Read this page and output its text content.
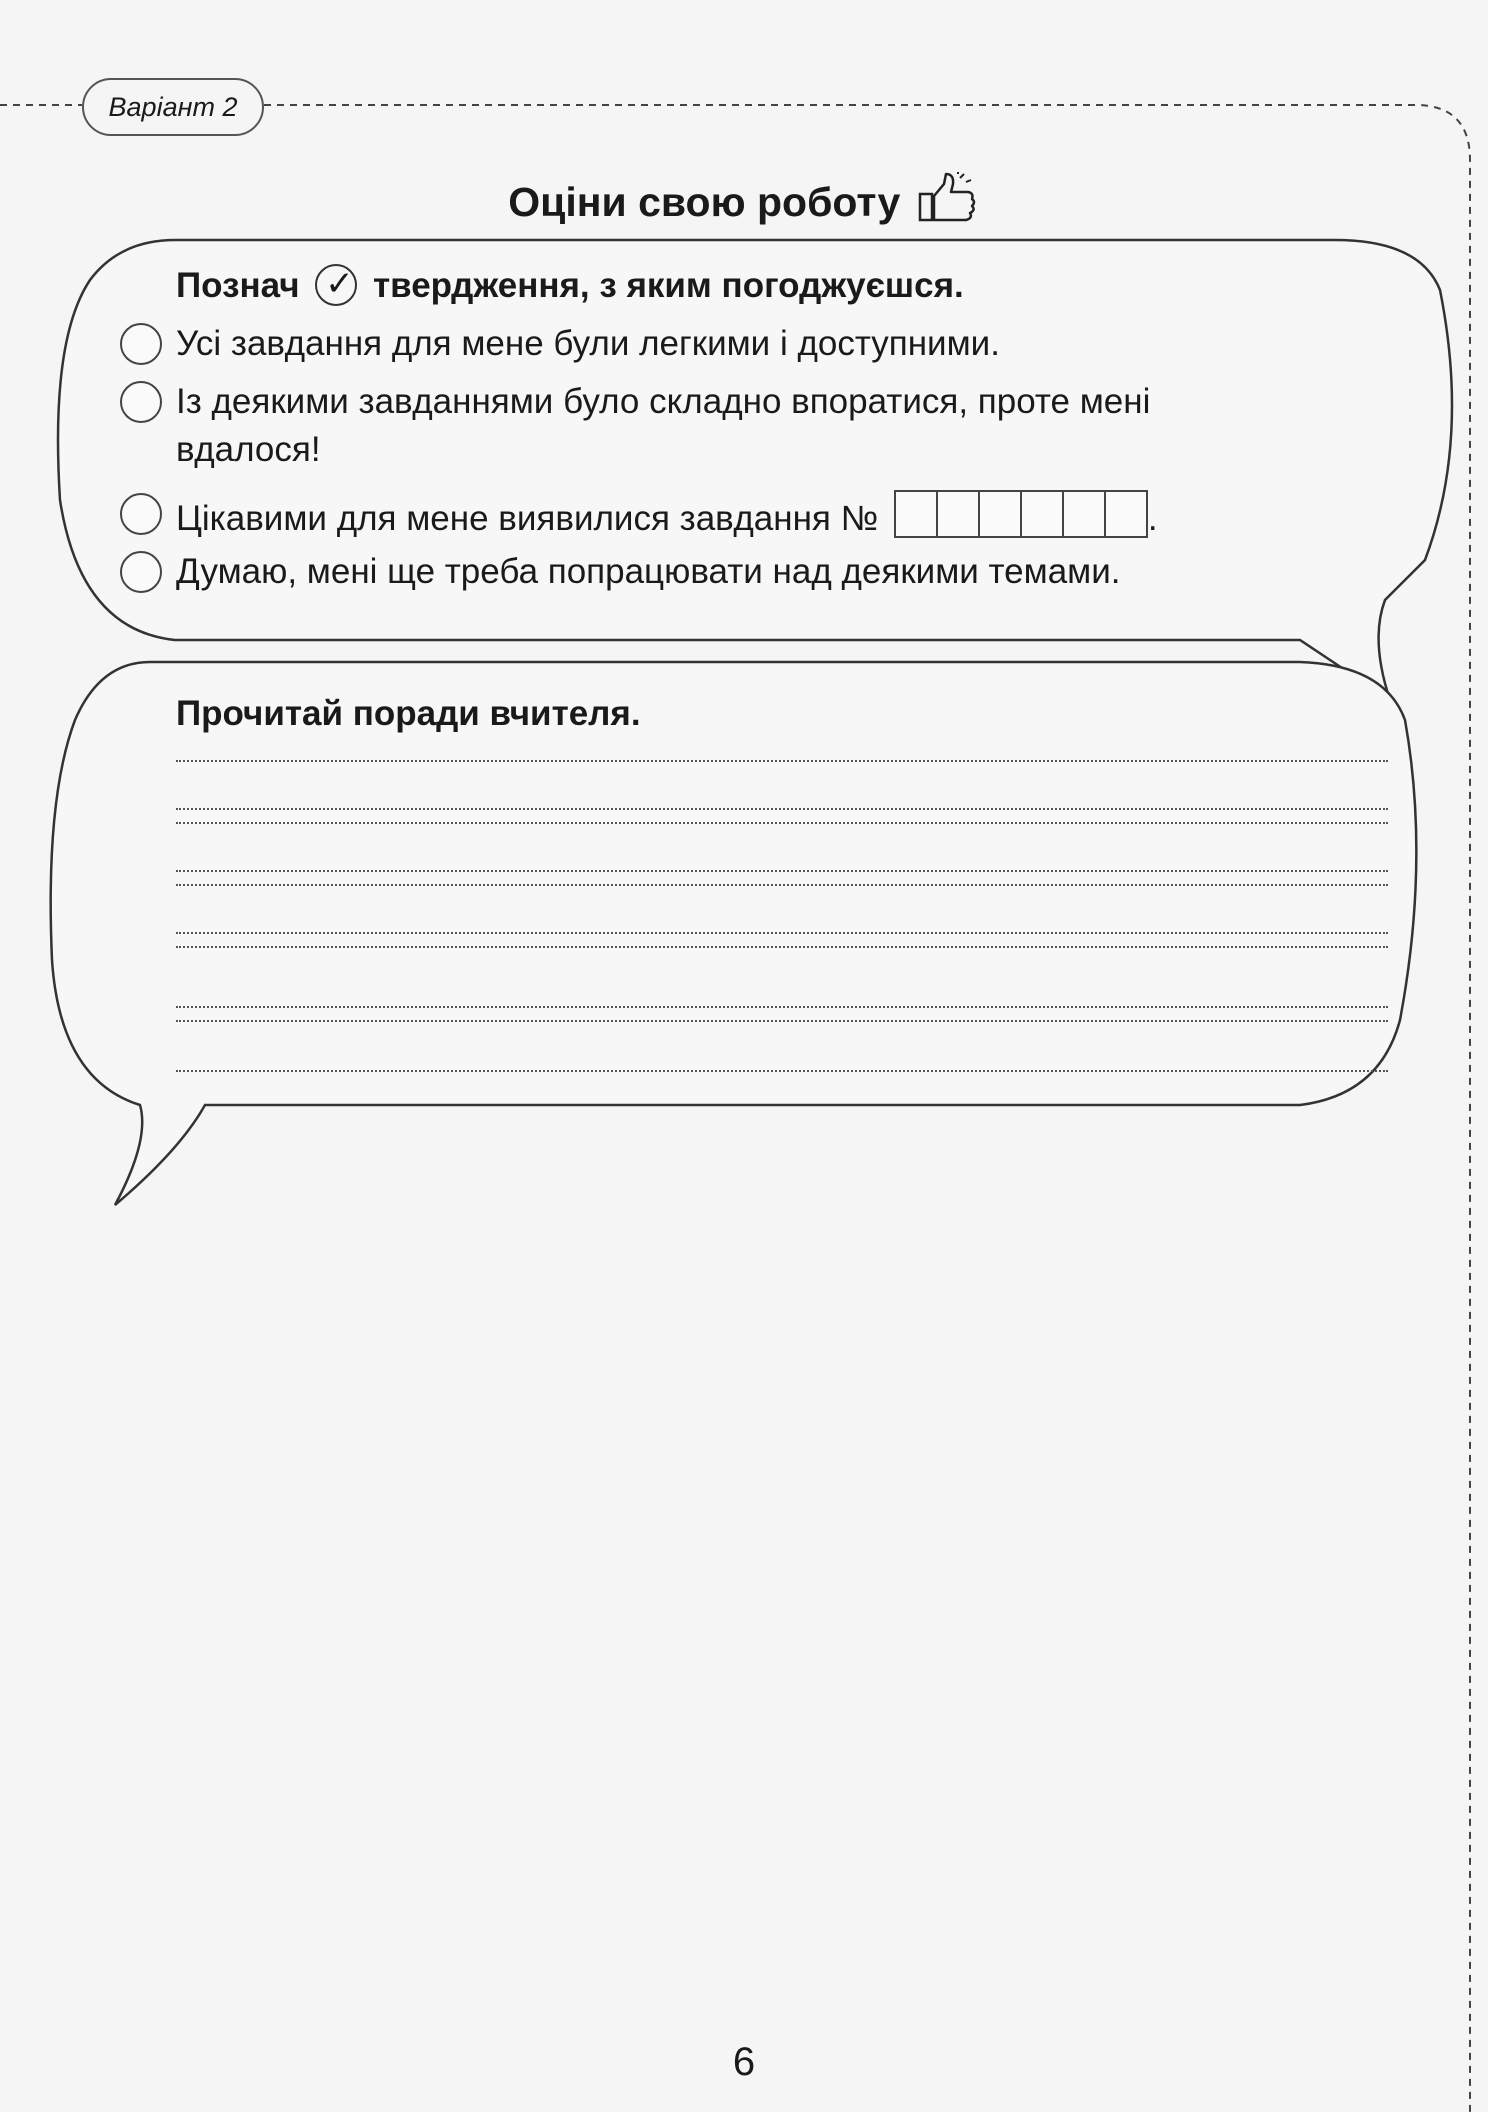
Варіант 2
Оціни свою роботу
Познач ✓ твердження, з яким погоджуєшся.
Усі завдання для мене були легкими і доступними.
Із деякими завданнями було складно впоратися, проте мені
вдалося!
Цікавими для мене виявилися завдання №	.
Думаю, мені ще треба попрацювати над деякими темами.
Прочитай поради вчителя.
6
